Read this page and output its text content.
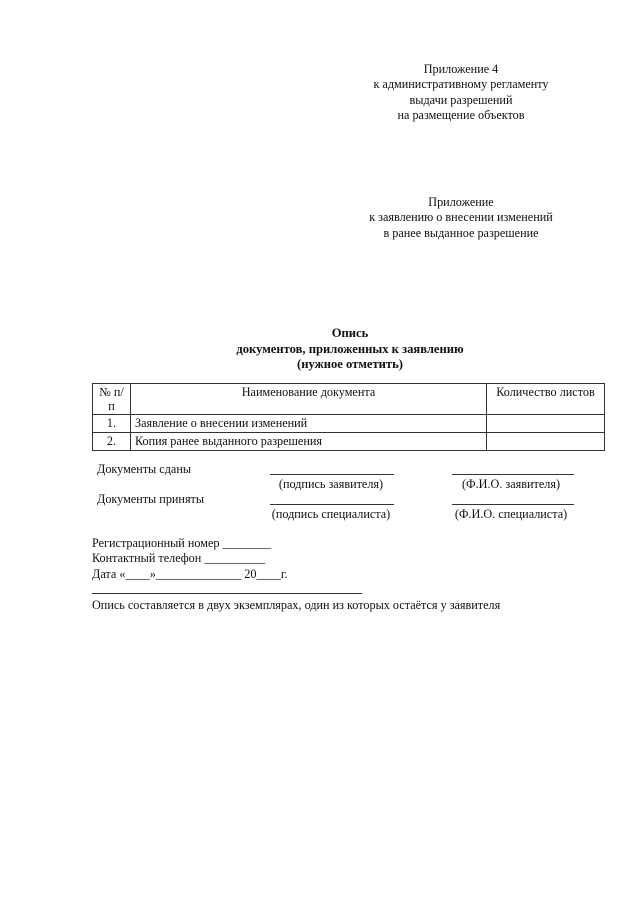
Приложение 4

к административному регламенту

выдачи разрешений

на размещение объектов

Приложение

к заявлению о внесении изменений

в ранее выданное разрешение

Опись

документов, приложенных к заявлению

(нужное отметить)

№ п/п	Наименование документа	Количество листов
1.	Заявление о внесении изменений	
2.	Копия ранее выданного разрешения	
Документы сданы
(подпись заявителя)	(Ф.И.О. заявителя)
Документы приняты
(подпись специалиста)	(Ф.И.О. специалиста)

Регистрационный номер ________

Контактный телефон __________

Дата «____»______________ 20____г.

Опись составляется в двух экземплярах, один из которых остаётся у заявителя
